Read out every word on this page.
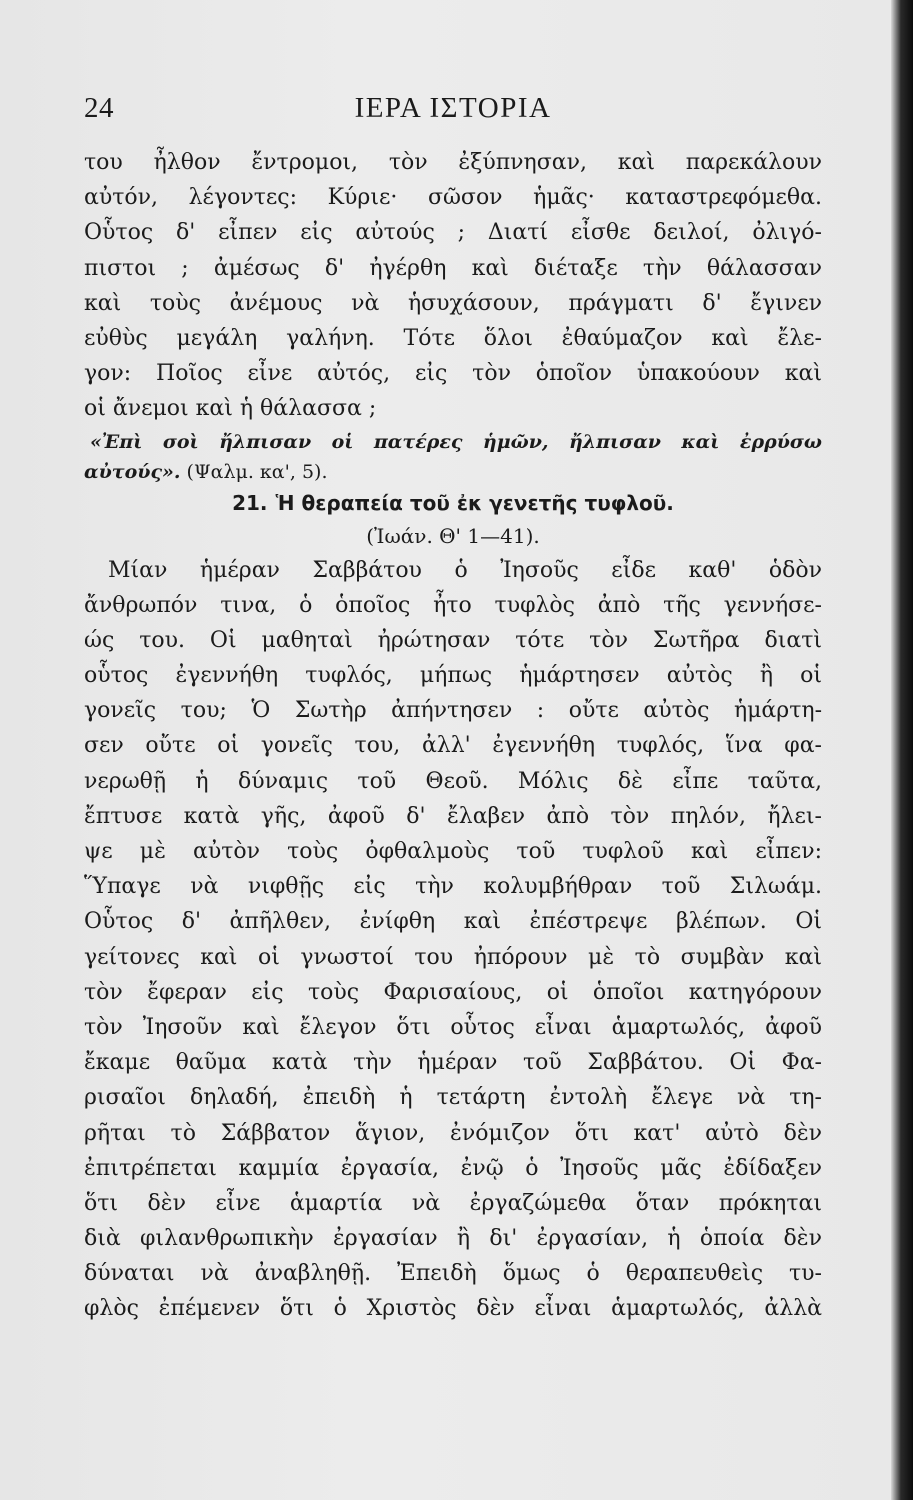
24	ΙΕΡΑ ΙΣΤΟΡΙΑ
του ἦλθον ἔντρομοι, τὸν ἐξύπνησαν, καὶ παρεκάλουν
αὐτόν, λέγοντες: Κύριε· σῶσον ἡμᾶς· καταστρεφόμεθα.
Οὗτος δ' εἶπεν εἰς αὐτούς ; Διατί εἶσθε δειλοί, ὀλιγό-
πιστοι ; ἀμέσως δ' ἠγέρθη καὶ διέταξε τὴν θάλασσαν
καὶ τοὺς ἀνέμους νὰ ἡσυχάσουν, πράγματι δ' ἔγινεν
εὐθὺς μεγάλη γαλήνη. Τότε ὅλοι ἐθαύμαζον καὶ ἔλε-
γον: Ποῖος εἶνε αὐτός, εἰς τὸν ὁποῖον ὑπακούουν καὶ
οἱ ἄνεμοι καὶ ἡ θάλασσα ;
«Ἐπὶ σοὶ ἤλπισαν οἱ πατέρες ἡμῶν, ἤλπισαν καὶ ἐρρύσω
αὐτούς». (Ψαλμ. κα', 5).
21. Ἡ θεραπεία τοῦ ἐκ γενετῆς τυφλοῦ.
(Ἰωάν. Θ' 1—41).
Μίαν ἡμέραν Σαββάτου ὁ Ἰησοῦς εἶδε καθ' ὁδὸν
ἄνθρωπόν τινα, ὁ ὁποῖος ἦτο τυφλὸς ἀπὸ τῆς γεννήσε-
ώς του. Οἱ μαθηταὶ ἠρώτησαν τότε τὸν Σωτῆρα διατὶ
οὗτος ἐγεννήθη τυφλός, μήπως ἡμάρτησεν αὐτὸς ἢ οἱ
γονεῖς του; Ὁ Σωτὴρ ἀπήντησεν : οὔτε αὐτὸς ἡμάρτη-
σεν οὔτε οἱ γονεῖς του, ἀλλ' ἐγεννήθη τυφλός, ἵνα φα-
νερωθῇ ἡ δύναμις τοῦ Θεοῦ. Μόλις δὲ εἶπε ταῦτα,
ἔπτυσε κατὰ γῆς, ἀφοῦ δ' ἔλαβεν ἀπὸ τὸν πηλόν, ἤλει-
ψε μὲ αὐτὸν τοὺς ὀφθαλμοὺς τοῦ τυφλοῦ καὶ εἶπεν:
Ὕπαγε νὰ νιφθῇς εἰς τὴν κολυμβήθραν τοῦ Σιλωάμ.
Οὗτος δ' ἀπῆλθεν, ἐνίφθη καὶ ἐπέστρεψε βλέπων. Οἱ
γείτονες καὶ οἱ γνωστοί του ἠπόρουν μὲ τὸ συμβὰν καὶ
τὸν ἔφεραν εἰς τοὺς Φαρισαίους, οἱ ὁποῖοι κατηγόρουν
τὸν Ἰησοῦν καὶ ἔλεγον ὅτι οὗτος εἶναι ἁμαρτωλός, ἀφοῦ
ἔκαμε θαῦμα κατὰ τὴν ἡμέραν τοῦ Σαββάτου. Οἱ Φα-
ρισαῖοι δηλαδή, ἐπειδὴ ἡ τετάρτη ἐντολὴ ἔλεγε νὰ τη-
ρῆται τὸ Σάββατον ἅγιον, ἐνόμιζον ὅτι κατ' αὐτὸ δὲν
ἐπιτρέπεται καμμία ἐργασία, ἐνῷ ὁ Ἰησοῦς μᾶς ἐδίδαξεν
ὅτι δὲν εἶνε ἁμαρτία νὰ ἐργαζώμεθα ὅταν πρόκηται
διὰ φιλανθρωπικὴν ἐργασίαν ἢ δι' ἐργασίαν, ἡ ὁποία δὲν
δύναται νὰ ἀναβληθῇ. Ἐπειδὴ ὅμως ὁ θεραπευθεὶς τυ-
φλὸς ἐπέμενεν ὅτι ὁ Χριστὸς δὲν εἶναι ἁμαρτωλός, ἀλλὰ
